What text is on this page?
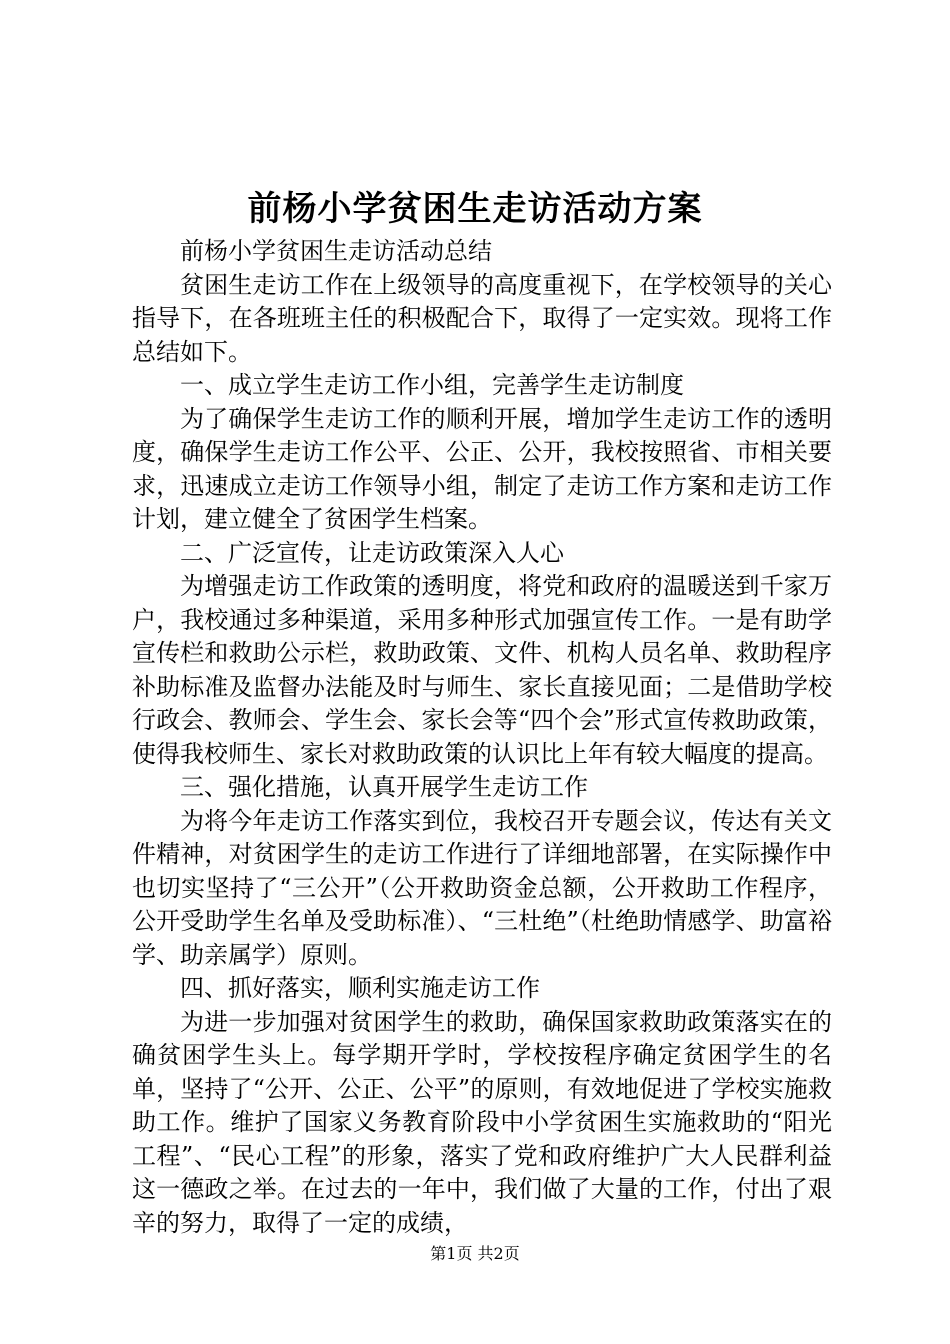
前杨小学贫困生走访活动方案

前杨小学贫困生走访活动总结

贫困生走访工作在上级领导的高度重视下，在学校领导的关心指导下，在各班班主任的积极配合下，取得了一定实效。现将工作总结如下。

一、成立学生走访工作小组，完善学生走访制度

为了确保学生走访工作的顺利开展，增加学生走访工作的透明度，确保学生走访工作公平、公正、公开，我校按照省、市相关要求，迅速成立走访工作领导小组，制定了走访工作方案和走访工作计划，建立健全了贫困学生档案。

二、广泛宣传，让走访政策深入人心

为增强走访工作政策的透明度，将党和政府的温暖送到千家万户，我校通过多种渠道，采用多种形式加强宣传工作。一是有助学宣传栏和救助公示栏，救助政策、文件、机构人员名单、救助程序补助标准及监督办法能及时与师生、家长直接见面；二是借助学校行政会、教师会、学生会、家长会等“四个会”形式宣传救助政策，使得我校师生、家长对救助政策的认识比上年有较大幅度的提高。

三、强化措施，认真开展学生走访工作

为将今年走访工作落实到位，我校召开专题会议，传达有关文件精神，对贫困学生的走访工作进行了详细地部署，在实际操作中也切实坚持了“三公开”（公开救助资金总额，公开救助工作程序，公开受助学生名单及受助标准）、“三杜绝”（杜绝助情感学、助富裕学、助亲属学）原则。

四、抓好落实，顺利实施走访工作

为进一步加强对贫困学生的救助，确保国家救助政策落实在的确贫困学生头上。每学期开学时，学校按程序确定贫困学生的名单，坚持了“公开、公正、公平”的原则，有效地促进了学校实施救助工作。维护了国家义务教育阶段中小学贫困生实施救助的“阳光工程”、“民心工程”的形象，落实了党和政府维护广大人民群利益这一德政之举。在过去的一年中，我们做了大量的工作，付出了艰辛的努力，取得了一定的成绩，

第1页 共2页
